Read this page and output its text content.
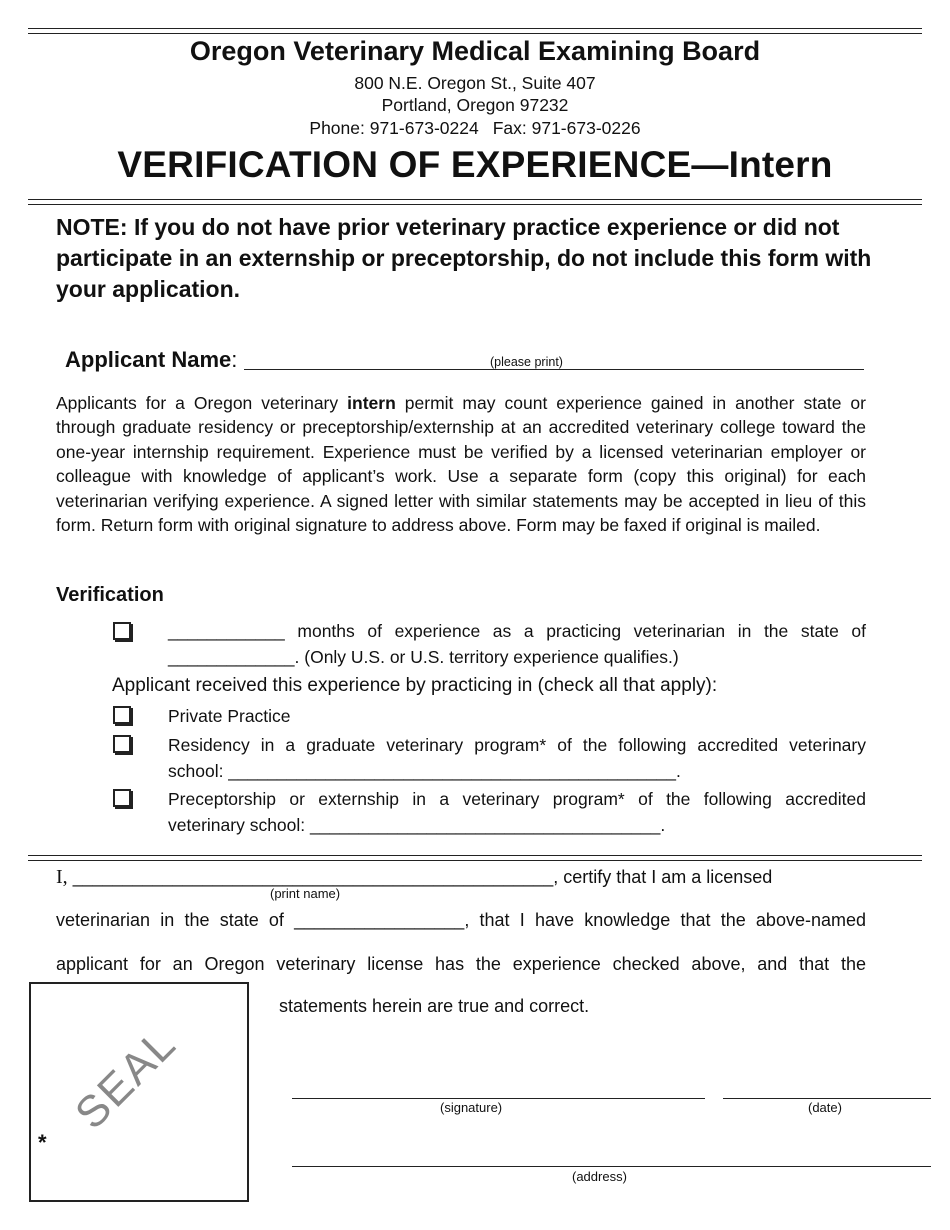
Oregon Veterinary Medical Examining Board
800 N.E. Oregon St., Suite 407
Portland, Oregon 97232
Phone: 971-673-0224 Fax: 971-673-0226
VERIFICATION OF EXPERIENCE—Intern
NOTE: If you do not have prior veterinary practice experience or did not participate in an externship or preceptorship, do not include this form with your application.
Applicant Name:	(please print)
Applicants for a Oregon veterinary intern permit may count experience gained in another state or through graduate residency or preceptorship/externship at an accredited veterinary college toward the one-year internship requirement. Experience must be verified by a licensed veterinarian employer or colleague with knowledge of applicant’s work. Use a separate form (copy this original) for each veterinarian verifying experience. A signed letter with similar statements may be accepted in lieu of this form. Return form with original signature to address above. Form may be faxed if original is mailed.
Verification
____________ months of experience as a practicing veterinarian in the state of
_____________. (Only U.S. or U.S. territory experience qualifies.)
Applicant received this experience by practicing in (check all that apply):
Private Practice
Residency in a graduate veterinary program* of the following accredited veterinary
school: ______________________________________________.
Preceptorship or externship in a veterinary program* of the following accredited
veterinary school: ____________________________________.
I, ________________________________________________, certify that I am a licensed
(print name)
veterinarian in the state of _________________, that I have knowledge that the above-named
applicant for an Oregon veterinary license has the experience checked above, and that the
SEAL
*
statements herein are true and correct.
(signature)	(date)
(address)
